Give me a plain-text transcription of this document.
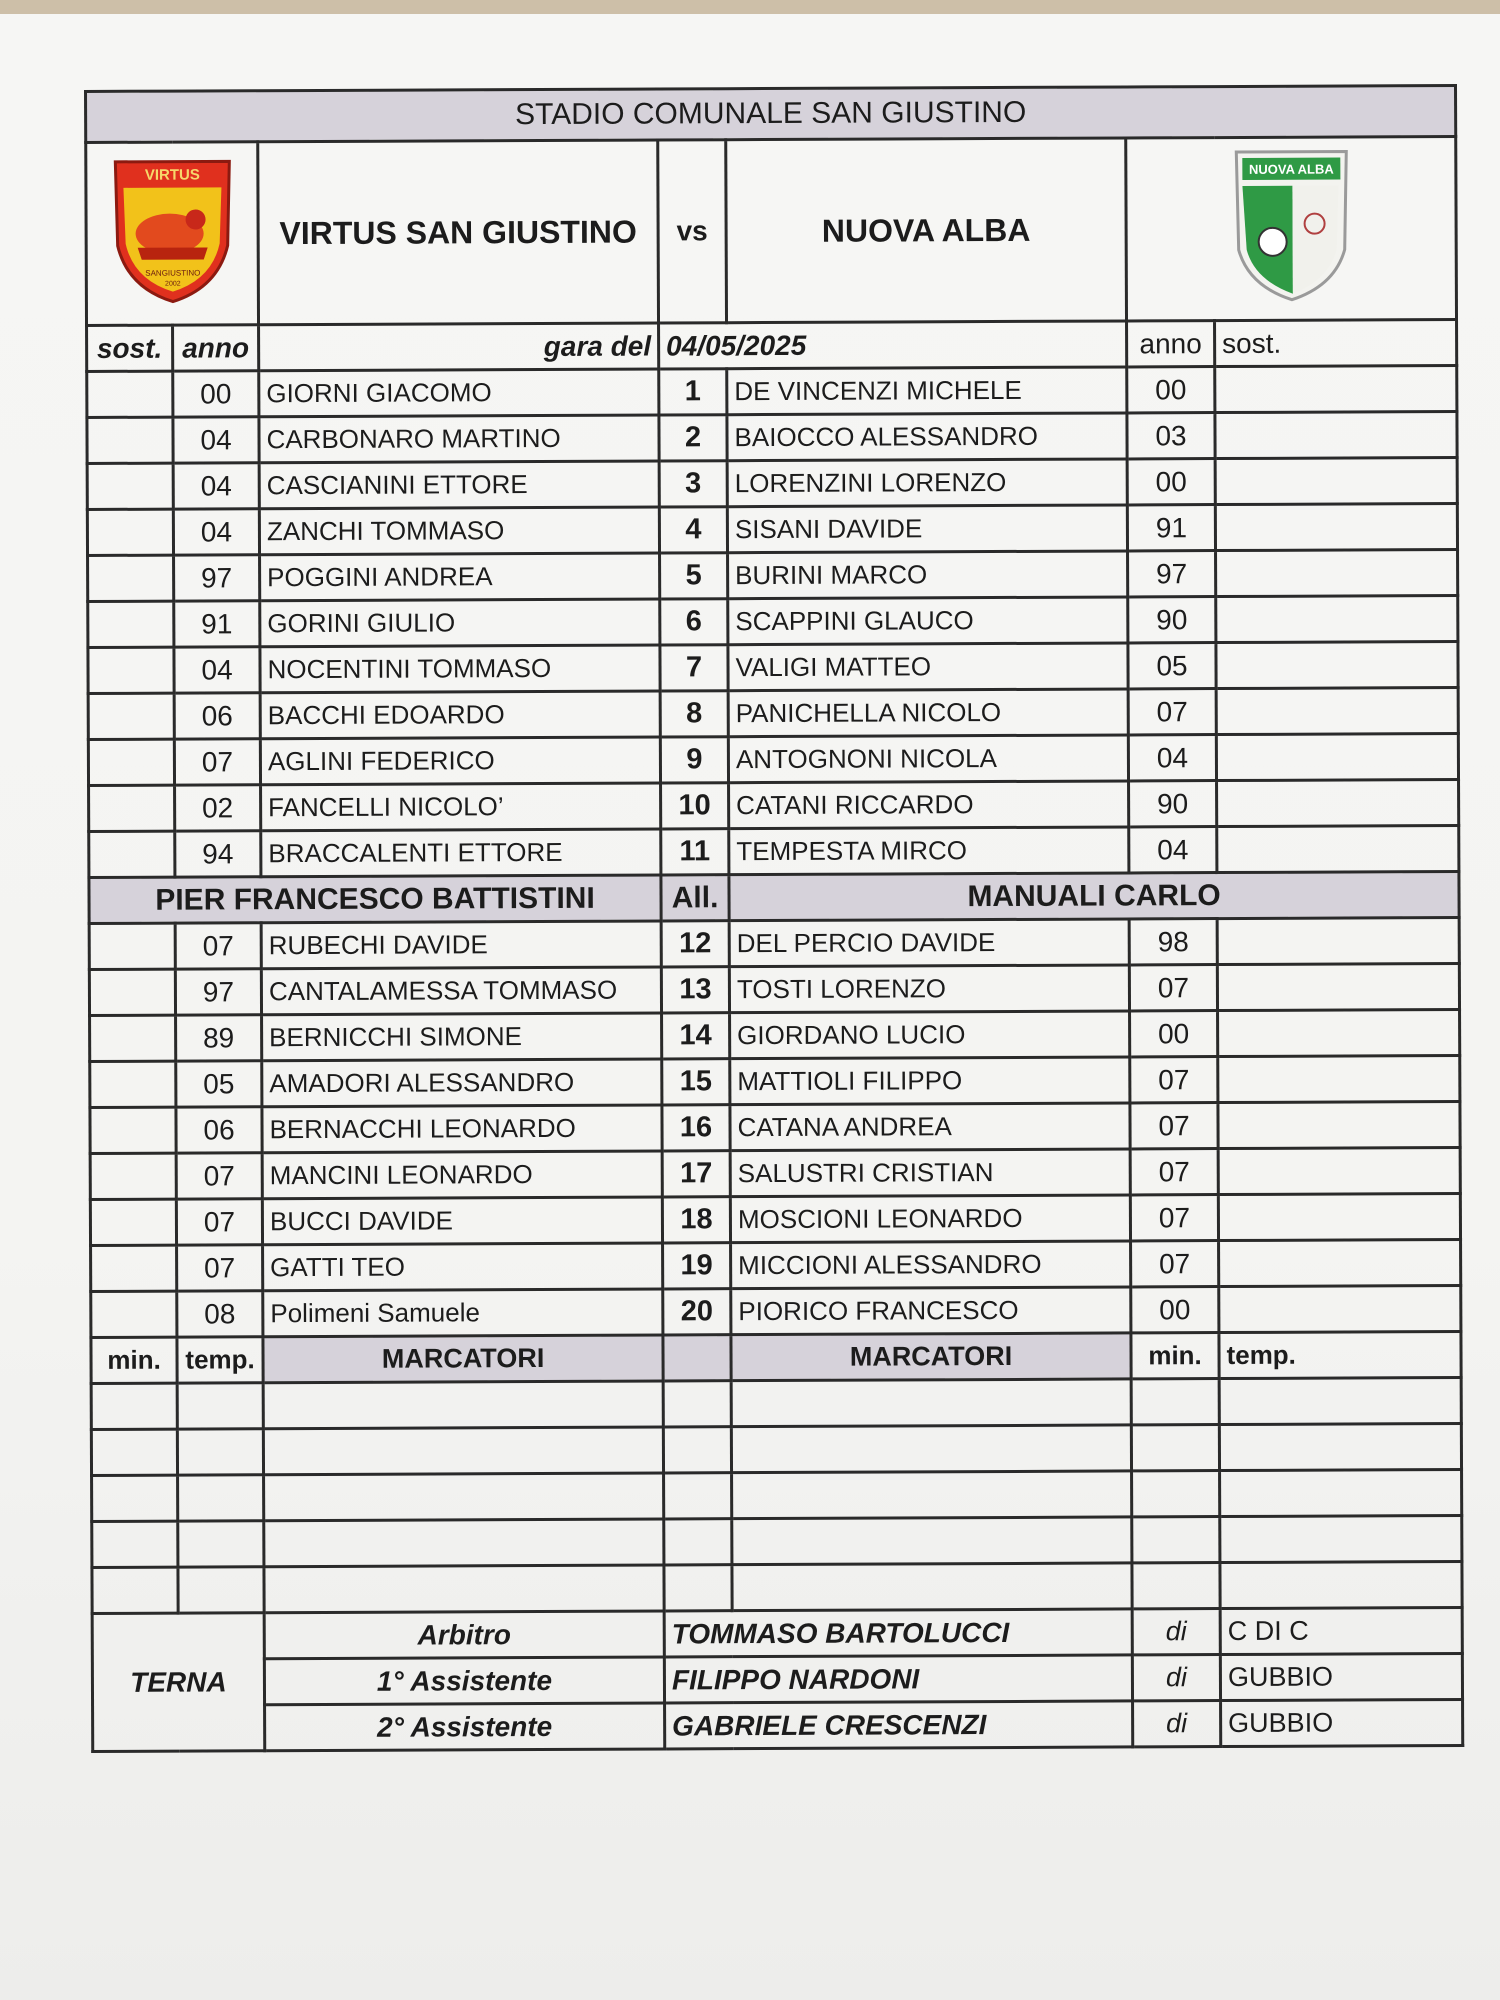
STADIO COMUNALE SAN GIUSTINO						

VIRTUS
SANGIUSTINO
2002		VIRTUS SAN GIUSTINO	vs	NUOVA ALBA	NUOVA ALBA	

sost.	anno	gara del	04/05/2025		anno	sost.
	00	GIORNI GIACOMO	1	DE VINCENZI MICHELE	00	
	04	CARBONARO MARTINO	2	BAIOCCO ALESSANDRO	03	
	04	CASCIANINI ETTORE	3	LORENZINI LORENZO	00	
	04	ZANCHI TOMMASO	4	SISANI DAVIDE	91	
	97	POGGINI ANDREA	5	BURINI MARCO	97	
	91	GORINI GIULIO	6	SCAPPINI GLAUCO	90	
	04	NOCENTINI TOMMASO	7	VALIGI MATTEO	05	
	06	BACCHI EDOARDO	8	PANICHELLA NICOLO	07	
	07	AGLINI FEDERICO	9	ANTOGNONI NICOLA	04	
	02	FANCELLI NICOLO’	10	CATANI RICCARDO	90	
	94	BRACCALENTI ETTORE	11	TEMPESTA MIRCO	04	
PIER FRANCESCO BATTISTINI			All.	MANUALI CARLO		
	07	RUBECHI DAVIDE	12	DEL PERCIO DAVIDE	98	
	97	CANTALAMESSA TOMMASO	13	TOSTI LORENZO	07	
	89	BERNICCHI SIMONE	14	GIORDANO LUCIO	00	
	05	AMADORI ALESSANDRO	15	MATTIOLI FILIPPO	07	
	06	BERNACCHI LEONARDO	16	CATANA ANDREA	07	
	07	MANCINI LEONARDO	17	SALUSTRI CRISTIAN	07	
	07	BUCCI DAVIDE	18	MOSCIONI LEONARDO	07	
	07	GATTI TEO	19	MICCIONI ALESSANDRO	07	
	08	Polimeni Samuele	20	PIORICO FRANCESCO	00	
min.	temp.	MARCATORI		MARCATORI	min.	temp.

TERNA		Arbitro	TOMMASO BARTOLUCCI		di	C DI C
		1° Assistente	FILIPPO NARDONI		di	GUBBIO
		2° Assistente	GABRIELE CRESCENZI		di	GUBBIO
